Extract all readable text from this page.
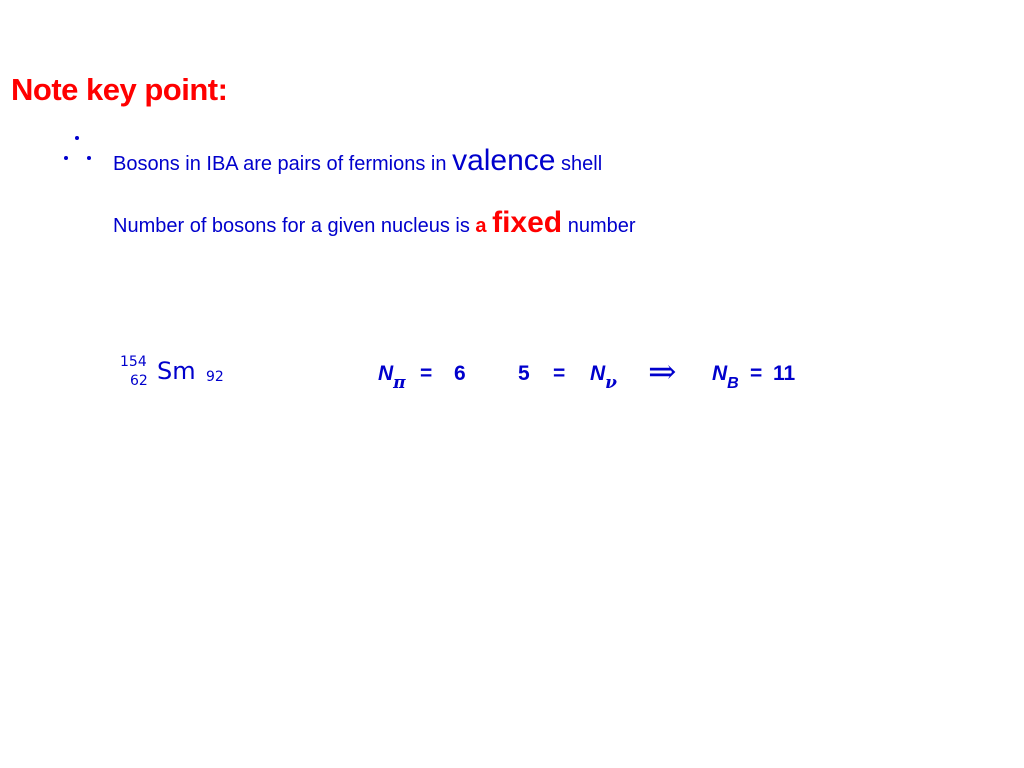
Note key point:
Bosons in IBA are pairs of fermions in valence shell
Number of bosons for a given nucleus is a fixed number
154
62 Sm 92	$N_\pi = 6$ $5 = N_\nu$ ⇒ $N_B = 11$
